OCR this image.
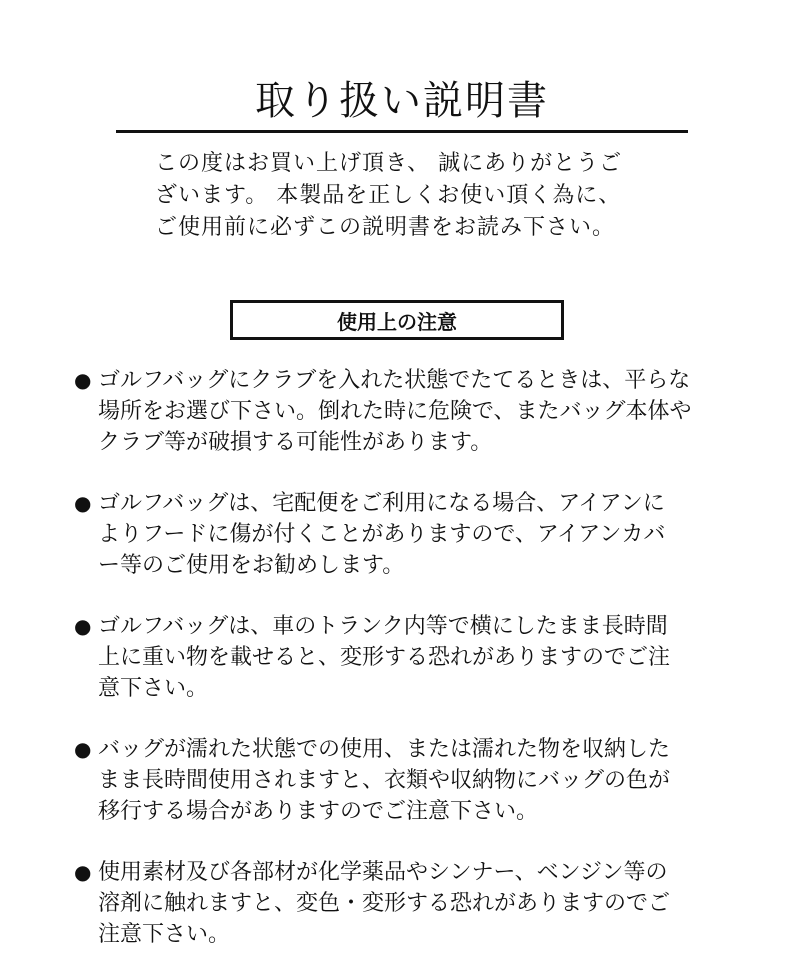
取り扱い説明書
この度はお買い上げ頂き、 誠にありがとうご
ざいます。 本製品を正しくお使い頂く為に、
ご使用前に必ずこの説明書をお読み下さい。
使用上の注意
● ゴルフバッグにクラブを入れた状態でたてるときは、平らな
場所をお選び下さい。倒れた時に危険で、またバッグ本体や
クラブ等が破損する可能性があります。
● ゴルフバッグは、宅配便をご利用になる場合、アイアンに
よりフードに傷が付くことがありますので、アイアンカバ
ー等のご使用をお勧めします。
● ゴルフバッグは、車のトランク内等で横にしたまま長時間
上に重い物を載せると、変形する恐れがありますのでご注
意下さい。
● バッグが濡れた状態での使用、または濡れた物を収納した
まま長時間使用されますと、衣類や収納物にバッグの色が
移行する場合がありますのでご注意下さい。
● 使用素材及び各部材が化学薬品やシンナー、ベンジン等の
溶剤に触れますと、変色・変形する恐れがありますのでご
注意下さい。
